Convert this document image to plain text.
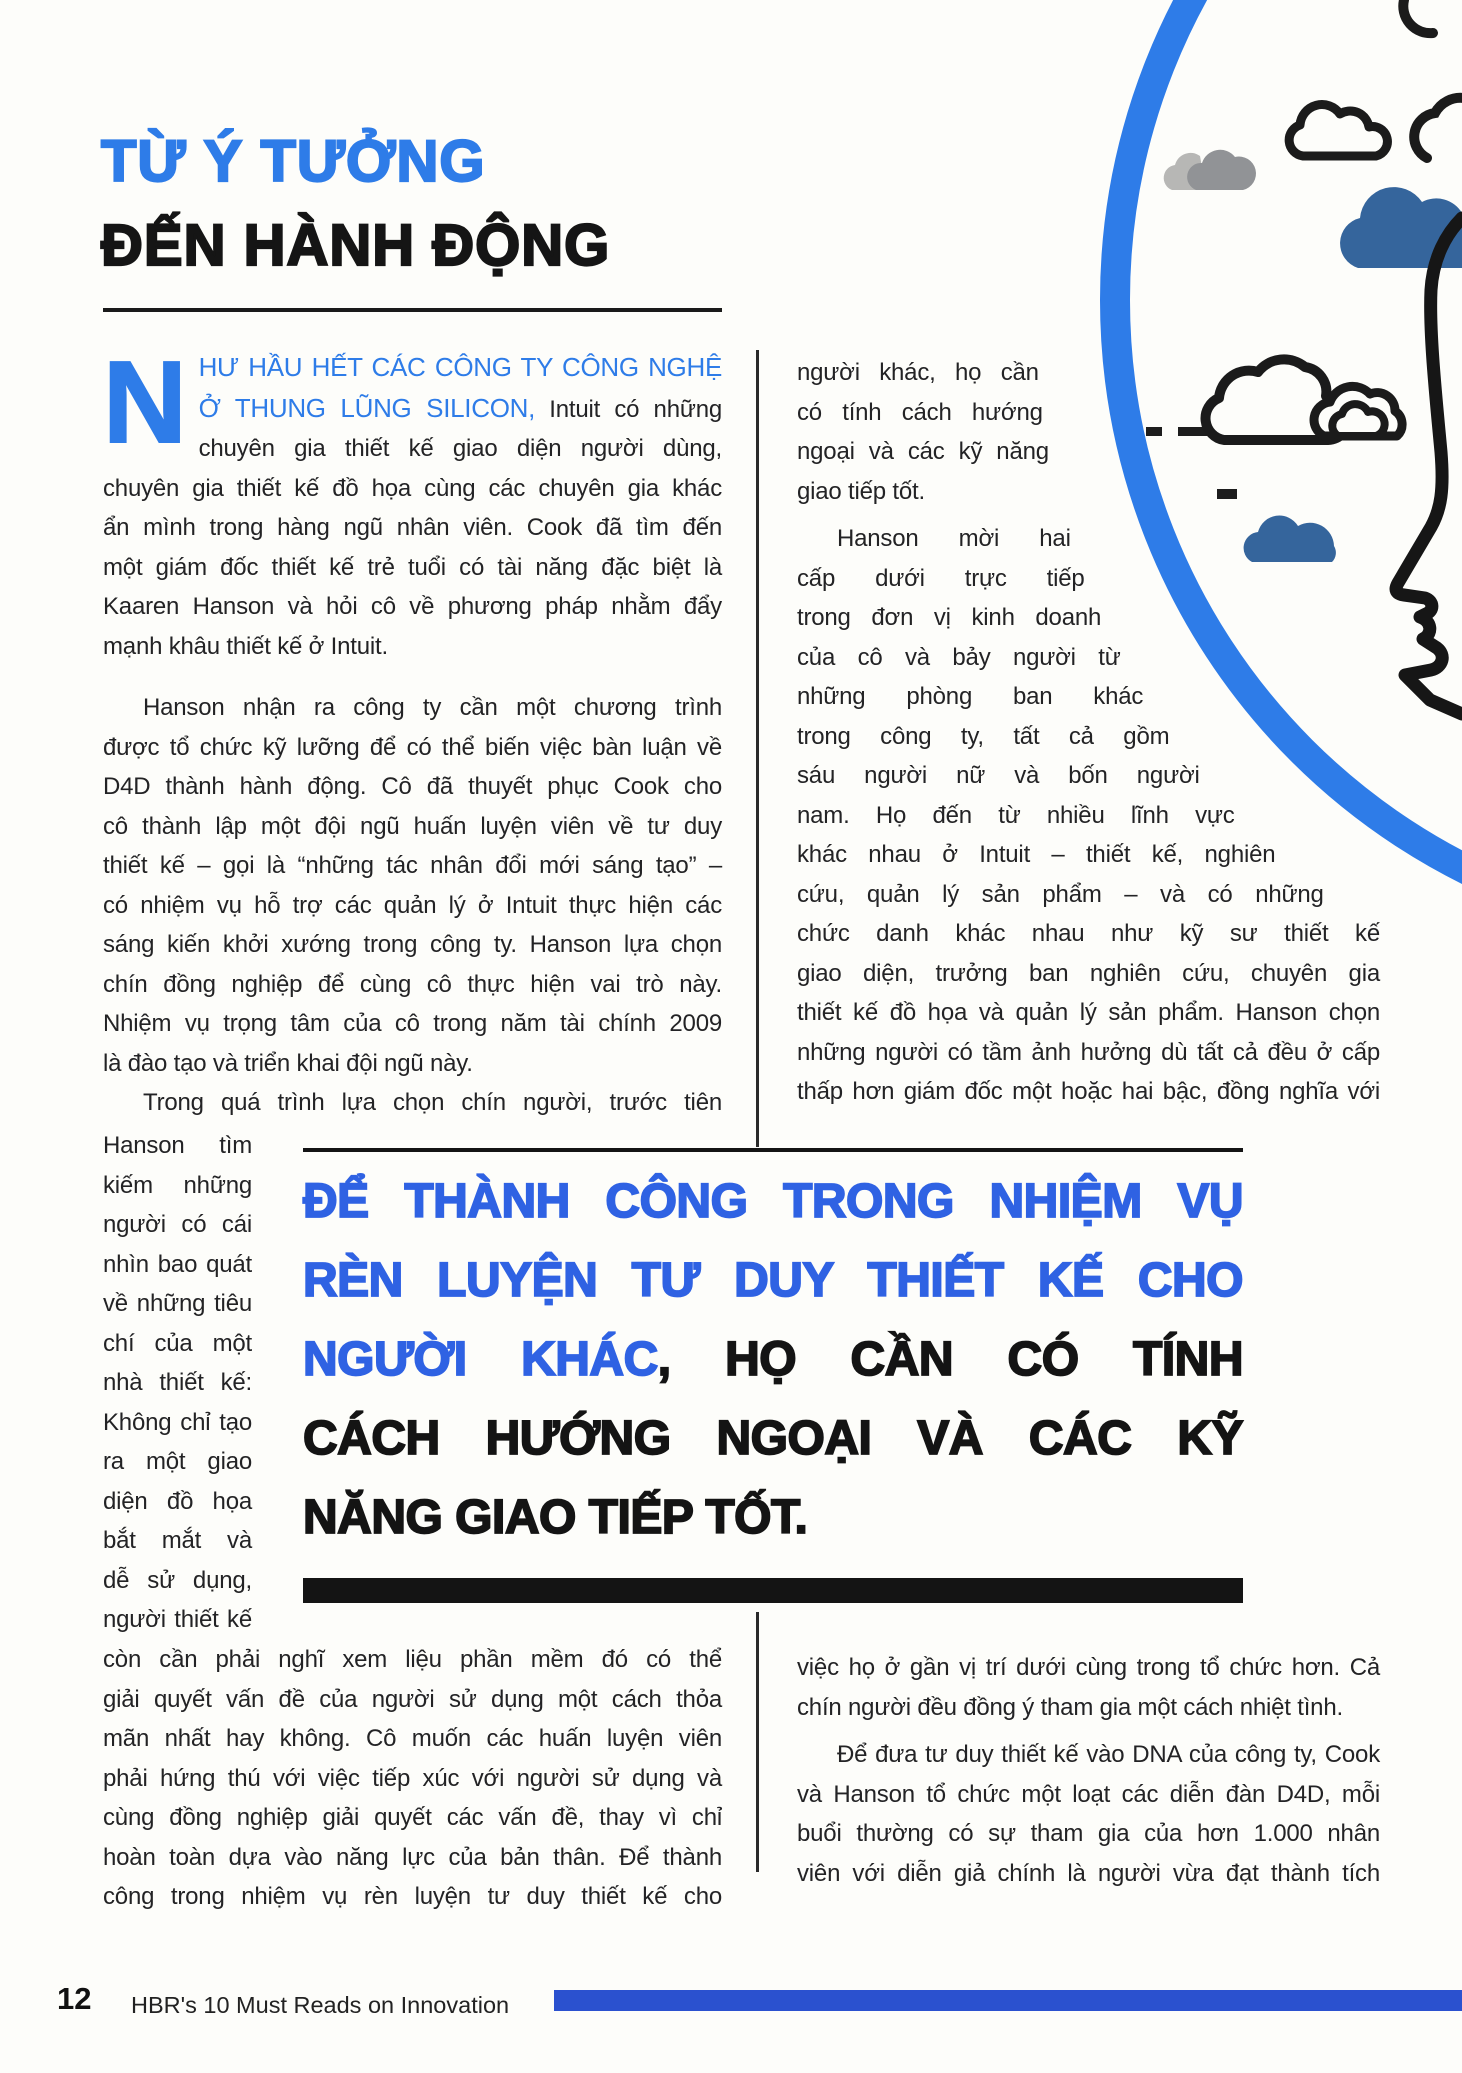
TỪ Ý TƯỞNG
ĐẾN HÀNH ĐỘNG
N HƯ HẦU HẾT CÁC CÔNG TY CÔNG NGHỆ
Ở THUNG LŨNG SILICON, Intuit có những
chuyên gia thiết kế giao diện người dùng,
chuyên gia thiết kế đồ họa cùng các chuyên gia khác
ẩn mình trong hàng ngũ nhân viên. Cook đã tìm đến
một giám đốc thiết kế trẻ tuổi có tài năng đặc biệt là
Kaaren Hanson và hỏi cô về phương pháp nhằm đẩy
mạnh khâu thiết kế ở Intuit.
Hanson nhận ra công ty cần một chương trình
được tổ chức kỹ lưỡng để có thể biến việc bàn luận về
D4D thành hành động. Cô đã thuyết phục Cook cho
cô thành lập một đội ngũ huấn luyện viên về tư duy
thiết kế – gọi là “những tác nhân đổi mới sáng tạo” –
có nhiệm vụ hỗ trợ các quản lý ở Intuit thực hiện các
sáng kiến khởi xướng trong công ty. Hanson lựa chọn
chín đồng nghiệp để cùng cô thực hiện vai trò này.
Nhiệm vụ trọng tâm của cô trong năm tài chính 2009
là đào tạo và triển khai đội ngũ này.
Trong quá trình lựa chọn chín người, trước tiên
Hanson tìm
kiếm những
người có cái
nhìn bao quát
về những tiêu
chí của một
nhà thiết kế:
Không chỉ tạo
ra một giao
diện đồ họa
bắt mắt và
dễ sử dụng,
người thiết kế
còn cần phải nghĩ xem liệu phần mềm đó có thể
giải quyết vấn đề của người sử dụng một cách thỏa
mãn nhất hay không. Cô muốn các huấn luyện viên
phải hứng thú với việc tiếp xúc với người sử dụng và
cùng đồng nghiệp giải quyết các vấn đề, thay vì chỉ
hoàn toàn dựa vào năng lực của bản thân. Để thành
công trong nhiệm vụ rèn luyện tư duy thiết kế cho
người khác, họ cần
có tính cách hướng
ngoại và các kỹ năng
giao tiếp tốt.
Hanson mời hai
cấp dưới trực tiếp
trong đơn vị kinh doanh
của cô và bảy người từ
những phòng ban khác
trong công ty, tất cả gồm
sáu người nữ và bốn người
nam. Họ đến từ nhiều lĩnh vực
khác nhau ở Intuit – thiết kế, nghiên
cứu, quản lý sản phẩm – và có những
chức danh khác nhau như kỹ sư thiết kế
giao diện, trưởng ban nghiên cứu, chuyên gia
thiết kế đồ họa và quản lý sản phẩm. Hanson chọn
những người có tầm ảnh hưởng dù tất cả đều ở cấp
thấp hơn giám đốc một hoặc hai bậc, đồng nghĩa với
việc họ ở gần vị trí dưới cùng trong tổ chức hơn. Cả
chín người đều đồng ý tham gia một cách nhiệt tình.
Để đưa tư duy thiết kế vào DNA của công ty, Cook
và Hanson tổ chức một loạt các diễn đàn D4D, mỗi
buổi thường có sự tham gia của hơn 1.000 nhân
viên với diễn giả chính là người vừa đạt thành tích
ĐỂ THÀNH CÔNG TRONG NHIỆM VỤ
RÈN LUYỆN TƯ DUY THIẾT KẾ CHO
NGƯỜI KHÁC, HỌ CẦN CÓ TÍNH
CÁCH HƯỚNG NGOẠI VÀ CÁC KỸ
NĂNG GIAO TIẾP TỐT.
12 HBR's 10 Must Reads on Innovation
